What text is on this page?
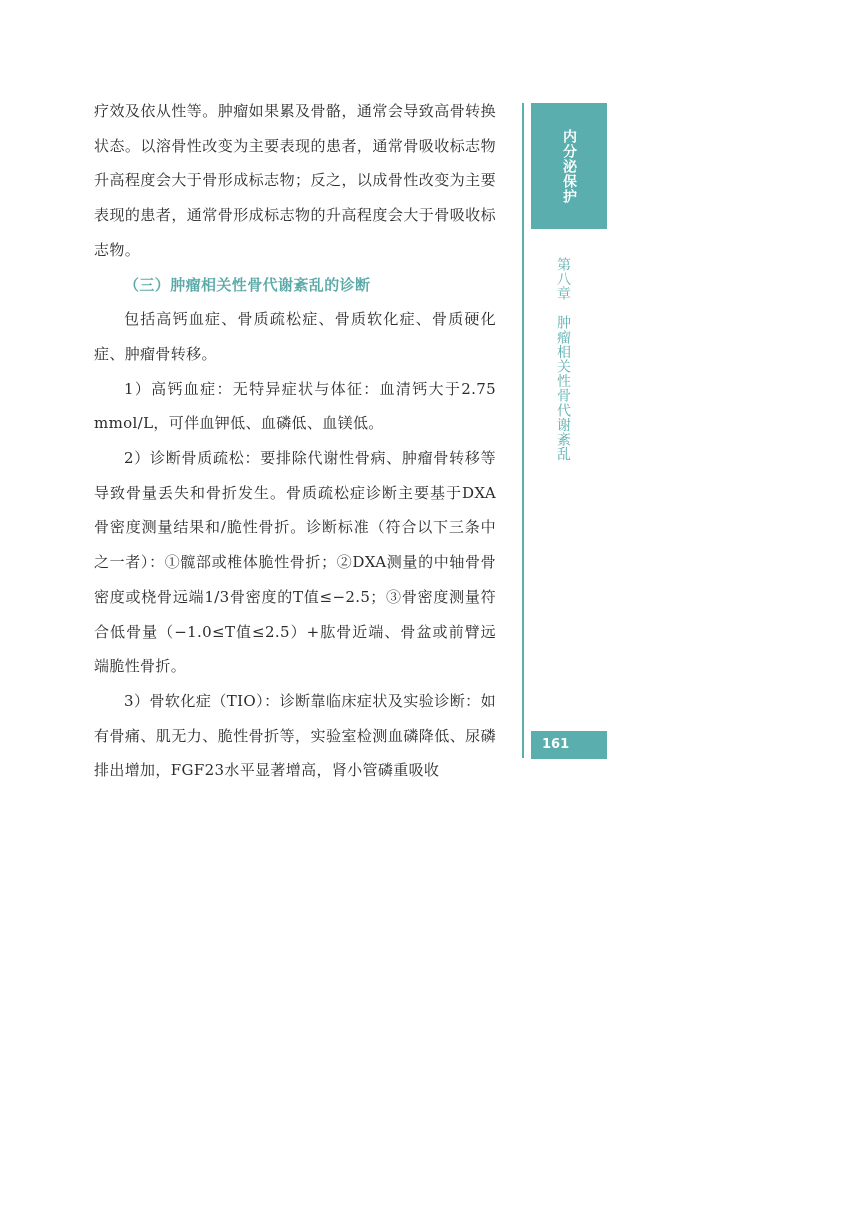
疗效及依从性等。肿瘤如果累及骨骼，通常会导致高骨转换状态。以溶骨性改变为主要表现的患者，通常骨吸收标志物升高程度会大于骨形成标志物；反之，以成骨性改变为主要表现的患者，通常骨形成标志物的升高程度会大于骨吸收标志物。

（三）肿瘤相关性骨代谢紊乱的诊断

包括高钙血症、骨质疏松症、骨质软化症、骨质硬化症、肿瘤骨转移。

1）高钙血症：无特异症状与体征：血清钙大于2.75 mmol/L，可伴血钾低、血磷低、血镁低。

2）诊断骨质疏松：要排除代谢性骨病、肿瘤骨转移等导致骨量丢失和骨折发生。骨质疏松症诊断主要基于DXA骨密度测量结果和/脆性骨折。诊断标准（符合以下三条中之一者）：①髋部或椎体脆性骨折；②DXA测量的中轴骨骨密度或桡骨远端1/3骨密度的T值≤−2.5；③骨密度测量符合低骨量（−1.0≤T值≤2.5）+肱骨近端、骨盆或前臂远端脆性骨折。

3）骨软化症（TIO）：诊断靠临床症状及实验诊断：如有骨痛、肌无力、脆性骨折等，实验室检测血磷降低、尿磷排出增加，FGF23水平显著增高，肾小管磷重吸收

内分泌保护
第八章　肿瘤相关性骨代谢紊乱
161
